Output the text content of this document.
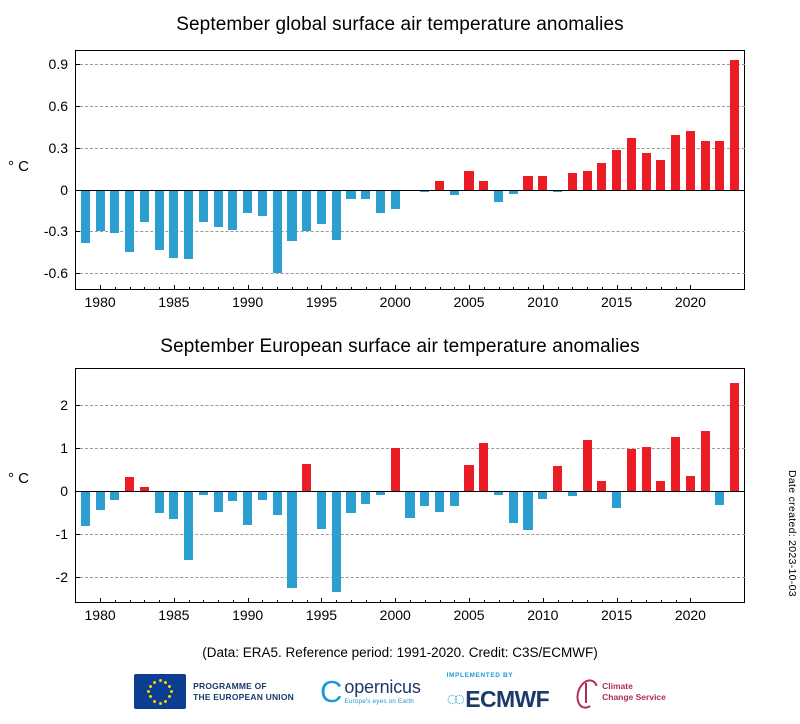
September global surface air temperature anomalies
-0.6
-0.3
0
0.3
0.6
0.9
1980	1985	1990	1995	2000	2005	2010	2015	2020
° C
September European surface air temperature anomalies
-2
-1
0
1
2
1980	1985	1990	1995	2000	2005	2010	2015	2020
° C	Date created: 2023-10-03
(Data: ERA5. Reference period: 1991-2020. Credit: C3S/ECMWF)
PROGRAMME OF
THE EUROPEAN UNION C opernicus
Europe's eyes on Earth
IMPLEMENTED BY
◌◌ ECMWF
Climate
Change Service
